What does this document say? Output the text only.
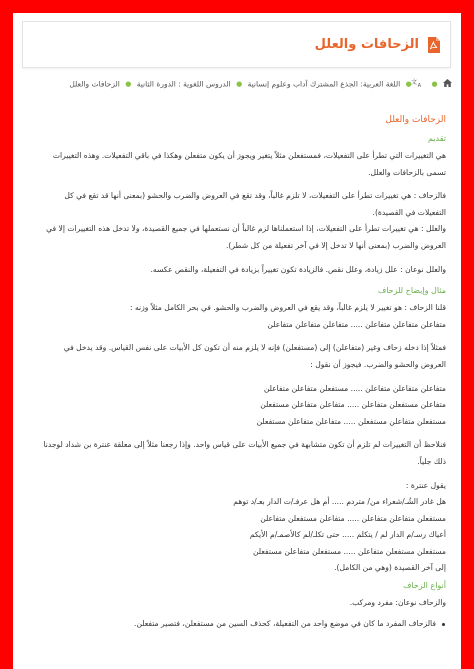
الزحافات والعلل
●
文 A
● اللغة العربية: الجذع المشترك آداب وعلوم إنسانية ● الدروس اللغوية : الدورة الثانية ● الزحافات والعلل
الزحافات والعلل
تقديم

هي التغييرات التي تطرأ على التفعيلات، فمستفعلن مثلاً يتغير ويجوز أن يكون متفعلن وهكذا في باقي التفعيلات. وهذه التغييرات

تسمى بالزحافات والعلل.

فالزحاف : هي تغييرات تطرأ على التفعيلات، لا تلزم غالباً، وقد تقع في العروض والضرب والحشو (بمعنى أنها قد تقع في كل

التفعيلات في القصيدة).

والعلل : هي تغييرات تطرأ على التفعيلات، إذا استعملناها لزم غالباً أن نستعملها في جميع القصيدة، ولا تدخل هذه التغييرات إلا في

العروض والضرب (بمعنى أنها لا تدخل إلا في آخر تفعيلة من كل شطر).

والعلل نوعان : علل زيادة، وعلل نقص. فالزيادة تكون تغييراً بزيادة في التفعيلة، والنقص عكسه.

مثال وإيضاح للزحاف

قلنا الزحاف : هو تغيير لا يلزم غالباً، وقد يقع في العروض والضرب والحشو. في بحر الكامل مثلاً وزنه :

متفاعلن متفاعلن متفاعلن ..... متفاعلن متفاعلن متفاعلن

فمثلاً إذا دخله زحاف وغير (متفاعلن) إلى (مستفعلن) فإنه لا يلزم منه أن تكون كل الأبيات على نفس القياس. وقد يدخل في

العروض والحشو والضرب. فيجوز أن نقول :

متفاعلن متفاعلن متفاعلن ..... مستفعلن متفاعلن متفاعلن

متفاعلن مستفعلن متفاعلن ..... متفاعلن متفاعلن مستفعلن

مستفعلن متفاعلن مستفعلن ..... متفاعلن متفاعلن مستفعلن

فنلاحظ أن التغييرات لم تلزم أن تكون متشابهة في جميع الأبيات على قياس واحد. وإذا رجعنا مثلاً إلى معلقة عنترة بن شداد لوجدنا

ذلك جلياً.

يقول عنترة :

هل غادر الشُـ/شعراء من/ متردم ..... أم هل عرفـ/ت الدار بعـ/د توهم

مستفعلن متفاعلن متفاعلن ..... متفاعلن مستفعلن متفاعلن

أعياك رسـ/م الدار لم / يتكلم ..... حتى تكلـ/لم كالأصمـ/م الأيكم

مستفعلن مستفعلن متفاعلن ..... مستفعلن متفاعلن مستفعلن

إلى آخر القصيدة (وهي من الكامل).

أنواع الزحاف

والزحاف نوعان: مفرد ومركب.

فالزحاف المفرد ما كان في موضع واحد من التفعيلة، كحذف السين من مستفعلن، فتصير متفعلن.
